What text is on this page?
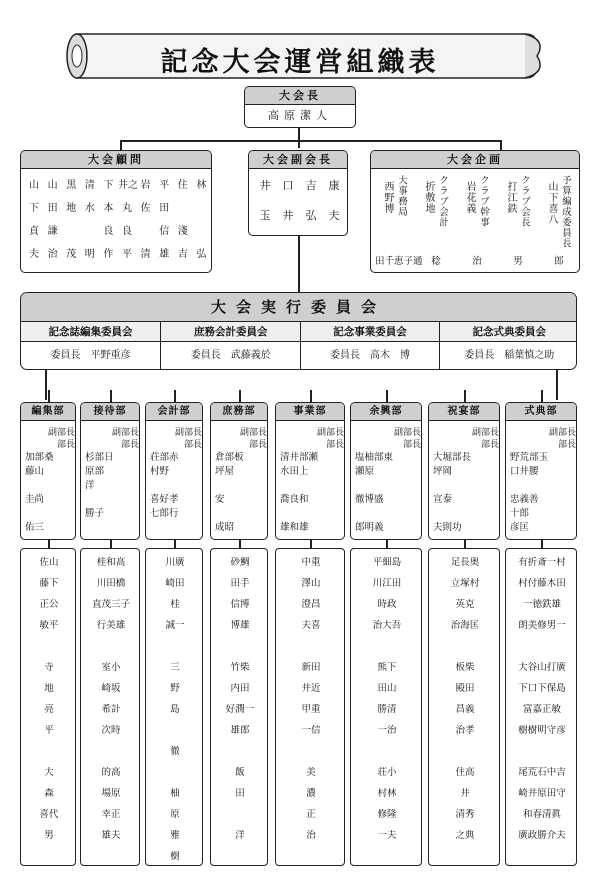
記念大会運営組織表
大会長
高原潔人
大会顧問
山 山 黒 清 下 井之 岩 平 住 林
下 田 地 水 本 丸 佐 田
貞 謙	良 良	信 淺
夫 治 茂 明 作 平 清 雄 吉 弘
大会副会長
井	口	吉	康
玉	井	弘	夫
大会企画
大事務局
西野博
田千恵子通
クラブ会計
折敷地
稔
クラブ幹事
岩花義
治
クラブ会長
打江鉄
男
予算編成委員長
山下喜八
郎
大会実行委員会
記念誌編集委員会
委員長　平野重彦
庶務会計委員会
委員長　武藤義於
記念事業委員会
委員長　高木　博
記念式典委員会
委員長　稲葉慎之助
編集部
副部長
部長
加部桑
藤山
圭尚
佑三
佐山
藤下
正公
敏平
寺
地
亮
平
大
森
喜代
男
接待部
副部長
部長
杉部日
原部
洋
勝子
桂和高
川田橋
直茂三子
行美雄
室小
崎坂
希計
次時
的高
場原
幸正
雄夫
会計部
副部長
部長
荘部赤
村野
喜好孝
七郎行
川廣
崎田
桂
誠一
三
野
島
徹
柚
原
雅
樹
庶務部
副部長
部長
倉部板
坪屋
安
成昭
砂鯛
田手
信博
博雄
竹柴
内田
好潤一
雄郎
飯
田
洋
事業部
副部長
部長
清井部瀬
水田上
喬良和
雄和雄
中重
澤山
澄昌
夫喜
新田
井近
甲重
一信
美
濃
正
治
余興部
副部長
部長
塩柚部東
瀬原
徹博盛
郎明義
平細島
川江田
時政
治大吾
熊下
田山
勝清
一治
荘小
村林
修隆
一夫
祝宴部
副部長
部長
大堀部長
坪岡
宣泰
夫則功
足長奥
立塚村
英克
治海匡
板柴
殿田
昌義
治孝
住高
井
清秀
之典
式典部
副部長
部長
野荒部玉
口井腰
忠義善
十郎
彦匡
有折斎一村
村付藤木田
一徳鉄雄
朗美修男一
大谷山打廣
下口下保島
富嘉正敏
樹樹明守彦
尾荒石中吉
崎井原田守
和春清眞
廣政勝介夫
